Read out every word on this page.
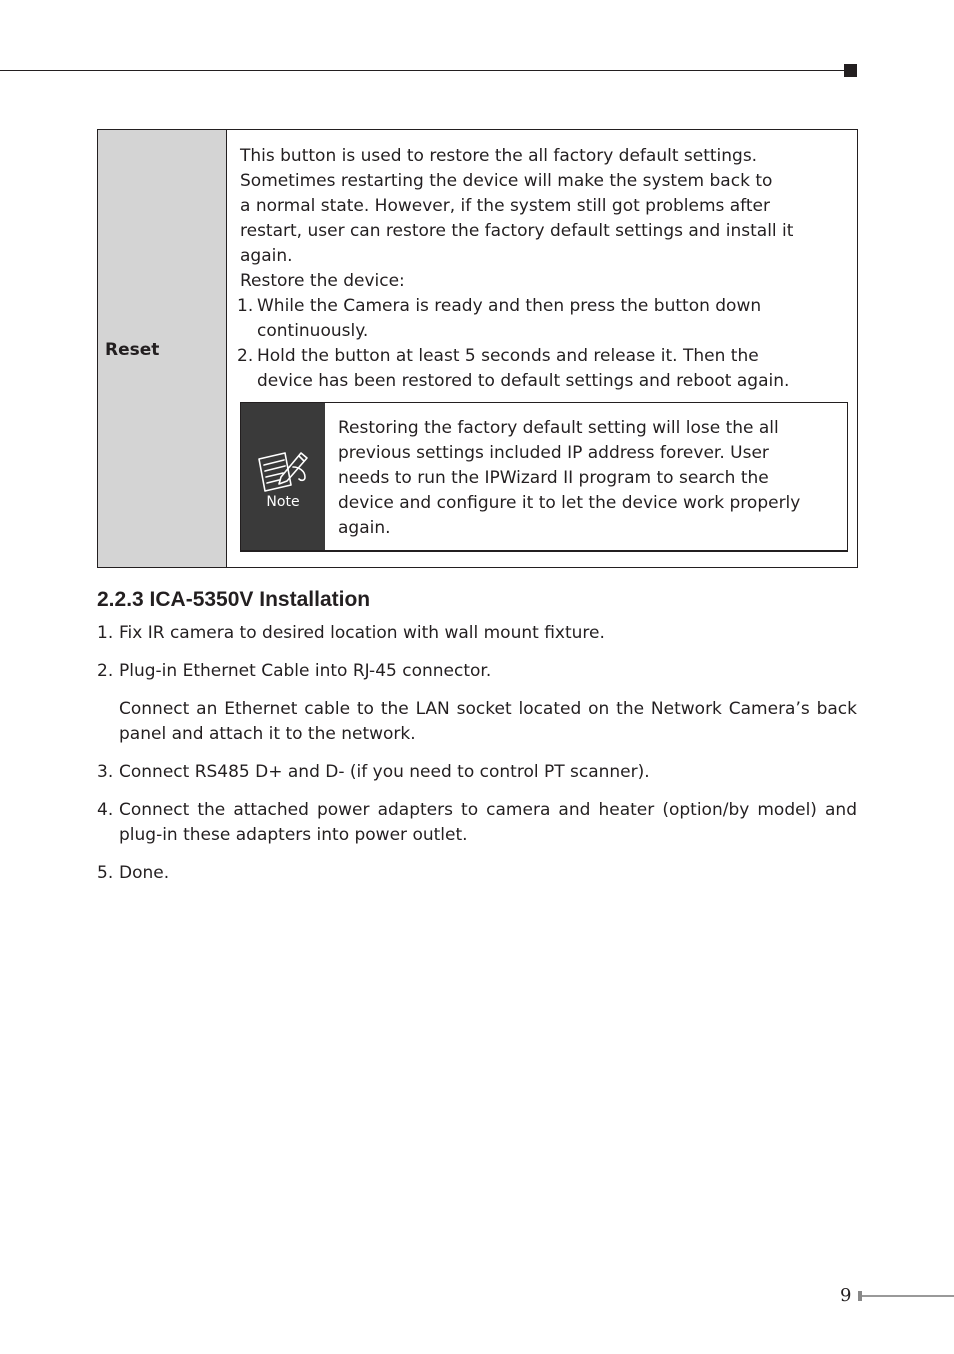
Reset

This button is used to restore the all factory default settings.

Sometimes restarting the device will make the system back to

a normal state. However, if the system still got problems after

restart, user can restore the factory default settings and install it

again.

Restore the device:

1. While the Camera is ready and then press the button down
continuously.
2. Hold the button at least 5 seconds and release it. Then the
device has been restored to default settings and reboot again.
Note
Restoring the factory default setting will lose the all
previous settings included IP address forever. User
needs to run the IPWizard II program to search the
device and configure it to let the device work properly
again.
2.2.3 ICA-5350V Installation
1. Fix IR camera to desired location with wall mount fixture.
2. Plug-in Ethernet Cable into RJ-45 connector.
Connect an Ethernet cable to the LAN socket located on the Network Camera’s back panel and attach it to the network.
3. Connect RS485 D+ and D- (if you need to control PT scanner).
4. Connect the attached power adapters to camera and heater (option/by model) and plug-in these adapters into power outlet.
5. Done.
9
